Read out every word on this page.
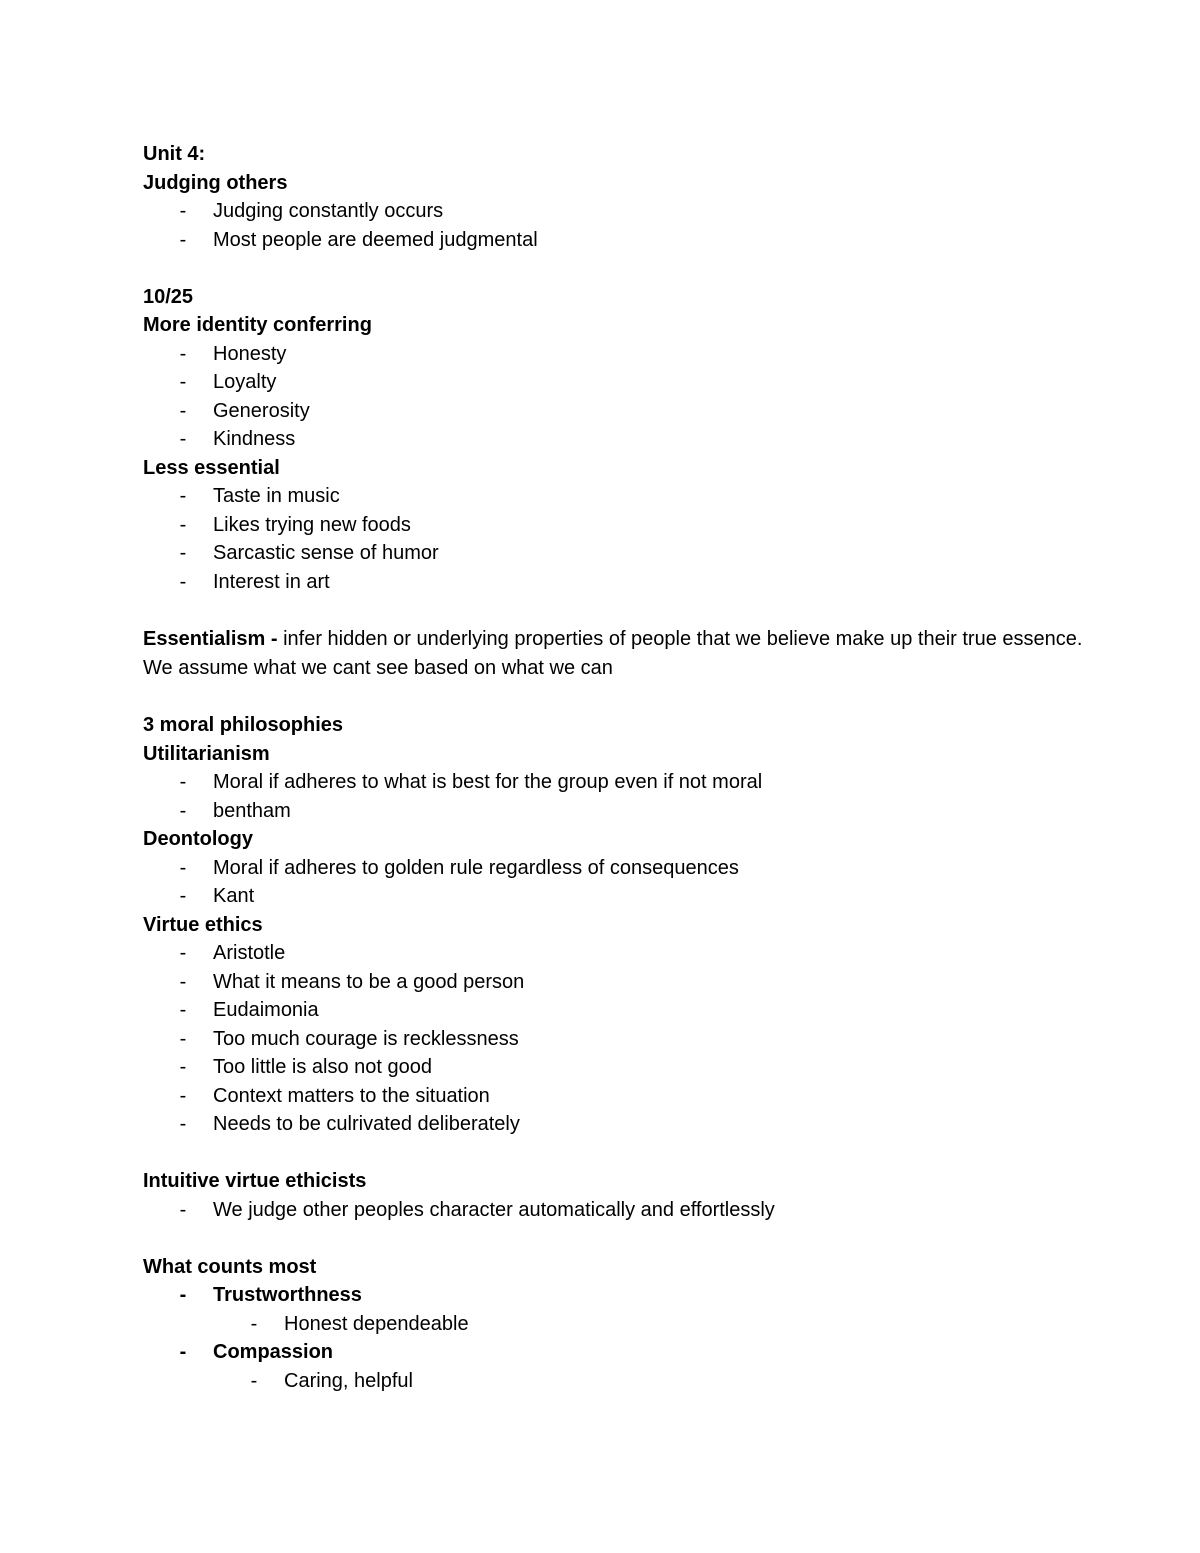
Unit 4:
Judging others
- Judging constantly occurs
- Most people are deemed judgmental
10/25
More identity conferring
- Honesty
- Loyalty
- Generosity
- Kindness
Less essential
- Taste in music
- Likes trying new foods
- Sarcastic sense of humor
- Interest in art
Essentialism - infer hidden or underlying properties of people that we believe make up their true essence. We assume what we cant see based on what we can
3 moral philosophies
Utilitarianism
- Moral if adheres to what is best for the group even if not moral
- bentham
Deontology
- Moral if adheres to golden rule regardless of consequences
- Kant
Virtue ethics
- Aristotle
- What it means to be a good person
- Eudaimonia
- Too much courage is recklessness
- Too little is also not good
- Context matters to the situation
- Needs to be culrivated deliberately
Intuitive virtue ethicists
- We judge other peoples character automatically and effortlessly
What counts most
- Trustworthness
- Honest dependeable
- Compassion
- Caring, helpful
